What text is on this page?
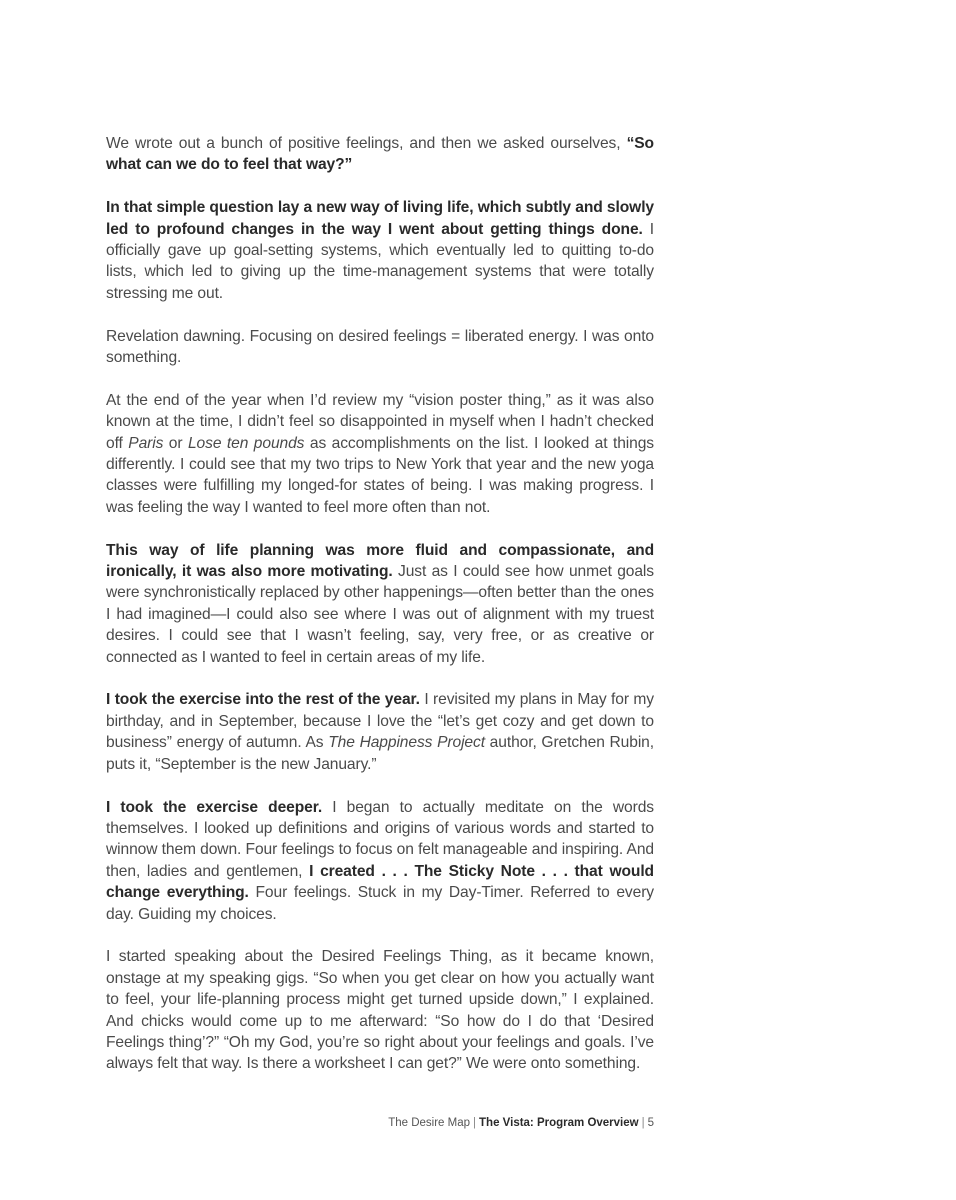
We wrote out a bunch of positive feelings, and then we asked ourselves, “So what can we do to feel that way?”

In that simple question lay a new way of living life, which subtly and slowly led to profound changes in the way I went about getting things done. I officially gave up goal-setting systems, which eventually led to quitting to-do lists, which led to giving up the time-management systems that were totally stressing me out.

Revelation dawning. Focusing on desired feelings = liberated energy. I was onto something.

At the end of the year when I’d review my “vision poster thing,” as it was also known at the time, I didn’t feel so disappointed in myself when I hadn’t checked off Paris or Lose ten pounds as accomplishments on the list. I looked at things differently. I could see that my two trips to New York that year and the new yoga classes were fulfilling my longed-for states of being. I was making progress. I was feeling the way I wanted to feel more often than not.

This way of life planning was more fluid and compassionate, and ironically, it was also more motivating. Just as I could see how unmet goals were synchronistically replaced by other happenings—often better than the ones I had imagined—I could also see where I was out of alignment with my truest desires. I could see that I wasn’t feeling, say, very free, or as creative or connected as I wanted to feel in certain areas of my life.

I took the exercise into the rest of the year. I revisited my plans in May for my birthday, and in September, because I love the “let’s get cozy and get down to business” energy of autumn. As The Happiness Project author, Gretchen Rubin, puts it, “September is the new January.”

I took the exercise deeper. I began to actually meditate on the words themselves. I looked up definitions and origins of various words and started to winnow them down. Four feelings to focus on felt manageable and inspiring. And then, ladies and gentlemen, I created . . . The Sticky Note . . . that would change everything. Four feelings. Stuck in my Day-Timer. Referred to every day. Guiding my choices.

I started speaking about the Desired Feelings Thing, as it became known, onstage at my speaking gigs. “So when you get clear on how you actually want to feel, your life-planning process might get turned upside down,” I explained. And chicks would come up to me afterward: “So how do I do that ‘Desired Feelings thing’?” “Oh my God, you’re so right about your feelings and goals. I’ve always felt that way. Is there a worksheet I can get?” We were onto something.

The Desire Map | The Vista: Program Overview | 5
